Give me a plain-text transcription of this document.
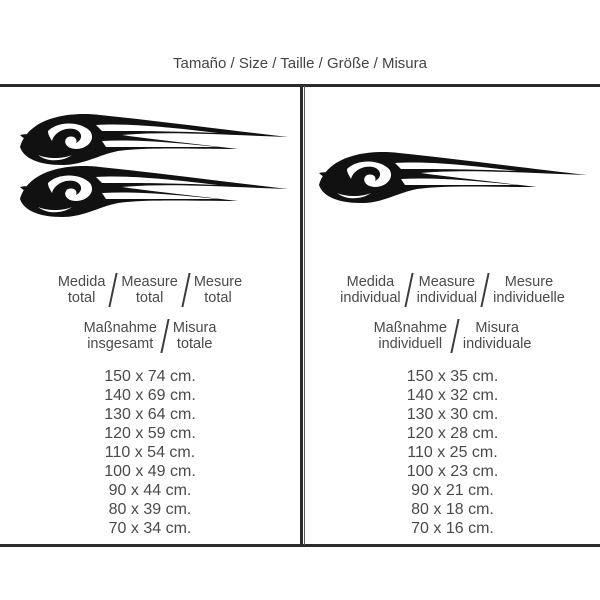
Tamaño / Size / Taille / Größe / Misura
Medida
total
Measure
total
Mesure
total
Maßnahme
insgesamt
Misura
totale
150 x 74 cm.
140 x 69 cm.
130 x 64 cm.
120 x 59 cm.
110 x 54 cm.
100 x 49 cm.
90 x 44 cm.
80 x 39 cm.
70 x 34 cm.
Medida
individual
Measure
individual
Mesure
individuelle
Maßnahme
individuell
Misura
individuale
150 x 35 cm.
140 x 32 cm.
130 x 30 cm.
120 x 28 cm.
110 x 25 cm.
100 x 23 cm.
90 x 21 cm.
80 x 18 cm.
70 x 16 cm.
